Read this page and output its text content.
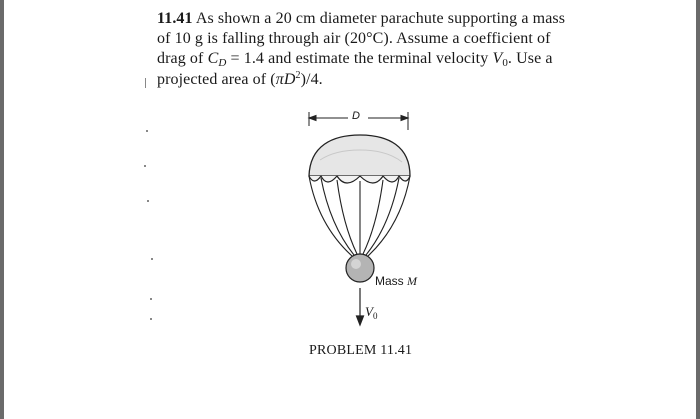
11.41 As shown a 20 cm diameter parachute supporting a mass
of 10 g is falling through air (20°C). Assume a coefficient of
drag of CD = 1.4 and estimate the terminal velocity V0. Use a
projected area of $(\pi D^2)/4$.
D
Mass M
$V_0$
PROBLEM 11.41
